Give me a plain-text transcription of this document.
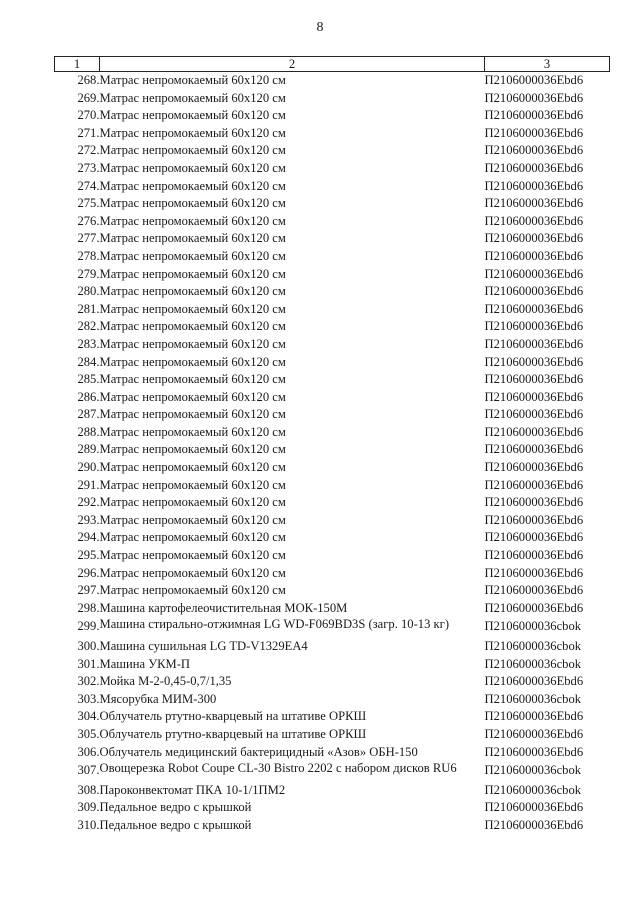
8
1	2	3
268.	Матрас непромокаемый 60х120 см	П2106000036Ebd6
269.	Матрас непромокаемый 60х120 см	П2106000036Ebd6
270.	Матрас непромокаемый 60х120 см	П2106000036Ebd6
271.	Матрас непромокаемый 60х120 см	П2106000036Ebd6
272.	Матрас непромокаемый 60х120 см	П2106000036Ebd6
273.	Матрас непромокаемый 60х120 см	П2106000036Ebd6
274.	Матрас непромокаемый 60х120 см	П2106000036Ebd6
275.	Матрас непромокаемый 60х120 см	П2106000036Ebd6
276.	Матрас непромокаемый 60х120 см	П2106000036Ebd6
277.	Матрас непромокаемый 60х120 см	П2106000036Ebd6
278.	Матрас непромокаемый 60х120 см	П2106000036Ebd6
279.	Матрас непромокаемый 60х120 см	П2106000036Ebd6
280.	Матрас непромокаемый 60х120 см	П2106000036Ebd6
281.	Матрас непромокаемый 60х120 см	П2106000036Ebd6
282.	Матрас непромокаемый 60х120 см	П2106000036Ebd6
283.	Матрас непромокаемый 60х120 см	П2106000036Ebd6
284.	Матрас непромокаемый 60х120 см	П2106000036Ebd6
285.	Матрас непромокаемый 60х120 см	П2106000036Ebd6
286.	Матрас непромокаемый 60х120 см	П2106000036Ebd6
287.	Матрас непромокаемый 60х120 см	П2106000036Ebd6
288.	Матрас непромокаемый 60х120 см	П2106000036Ebd6
289.	Матрас непромокаемый 60х120 см	П2106000036Ebd6
290.	Матрас непромокаемый 60х120 см	П2106000036Ebd6
291.	Матрас непромокаемый 60х120 см	П2106000036Ebd6
292.	Матрас непромокаемый 60х120 см	П2106000036Ebd6
293.	Матрас непромокаемый 60х120 см	П2106000036Ebd6
294.	Матрас непромокаемый 60х120 см	П2106000036Ebd6
295.	Матрас непромокаемый 60х120 см	П2106000036Ebd6
296.	Матрас непромокаемый 60х120 см	П2106000036Ebd6
297.	Матрас непромокаемый 60х120 см	П2106000036Ebd6
298.	Машина картофелеочистительная МОК-150М	П2106000036Ebd6
299.	Машина стирально-отжимная LG WD-F069BD3S (загр. 10-13 кг)	П2106000036cbok
300.	Машина сушильная LG TD-V1329EA4	П2106000036cbok
301.	Машина УКМ-П	П2106000036cbok
302.	Мойка М-2-0,45-0,7/1,35	П2106000036Ebd6
303.	Мясорубка МИМ-300	П2106000036cbok
304.	Облучатель ртутно-кварцевый на штативе ОРКШ	П2106000036Ebd6
305.	Облучатель ртутно-кварцевый на штативе ОРКШ	П2106000036Ebd6
306.	Облучатель медицинский бактерицидный «Азов» ОБН-150	П2106000036Ebd6
307.	Овощерезка Robot Coupe CL-30 Bistro 2202 с набором дисков RU6	П2106000036cbok
308.	Пароконвектомат ПКА 10-1/1ПМ2	П2106000036cbok
309.	Педальное ведро с крышкой	П2106000036Ebd6
310.	Педальное ведро с крышкой	П2106000036Ebd6
